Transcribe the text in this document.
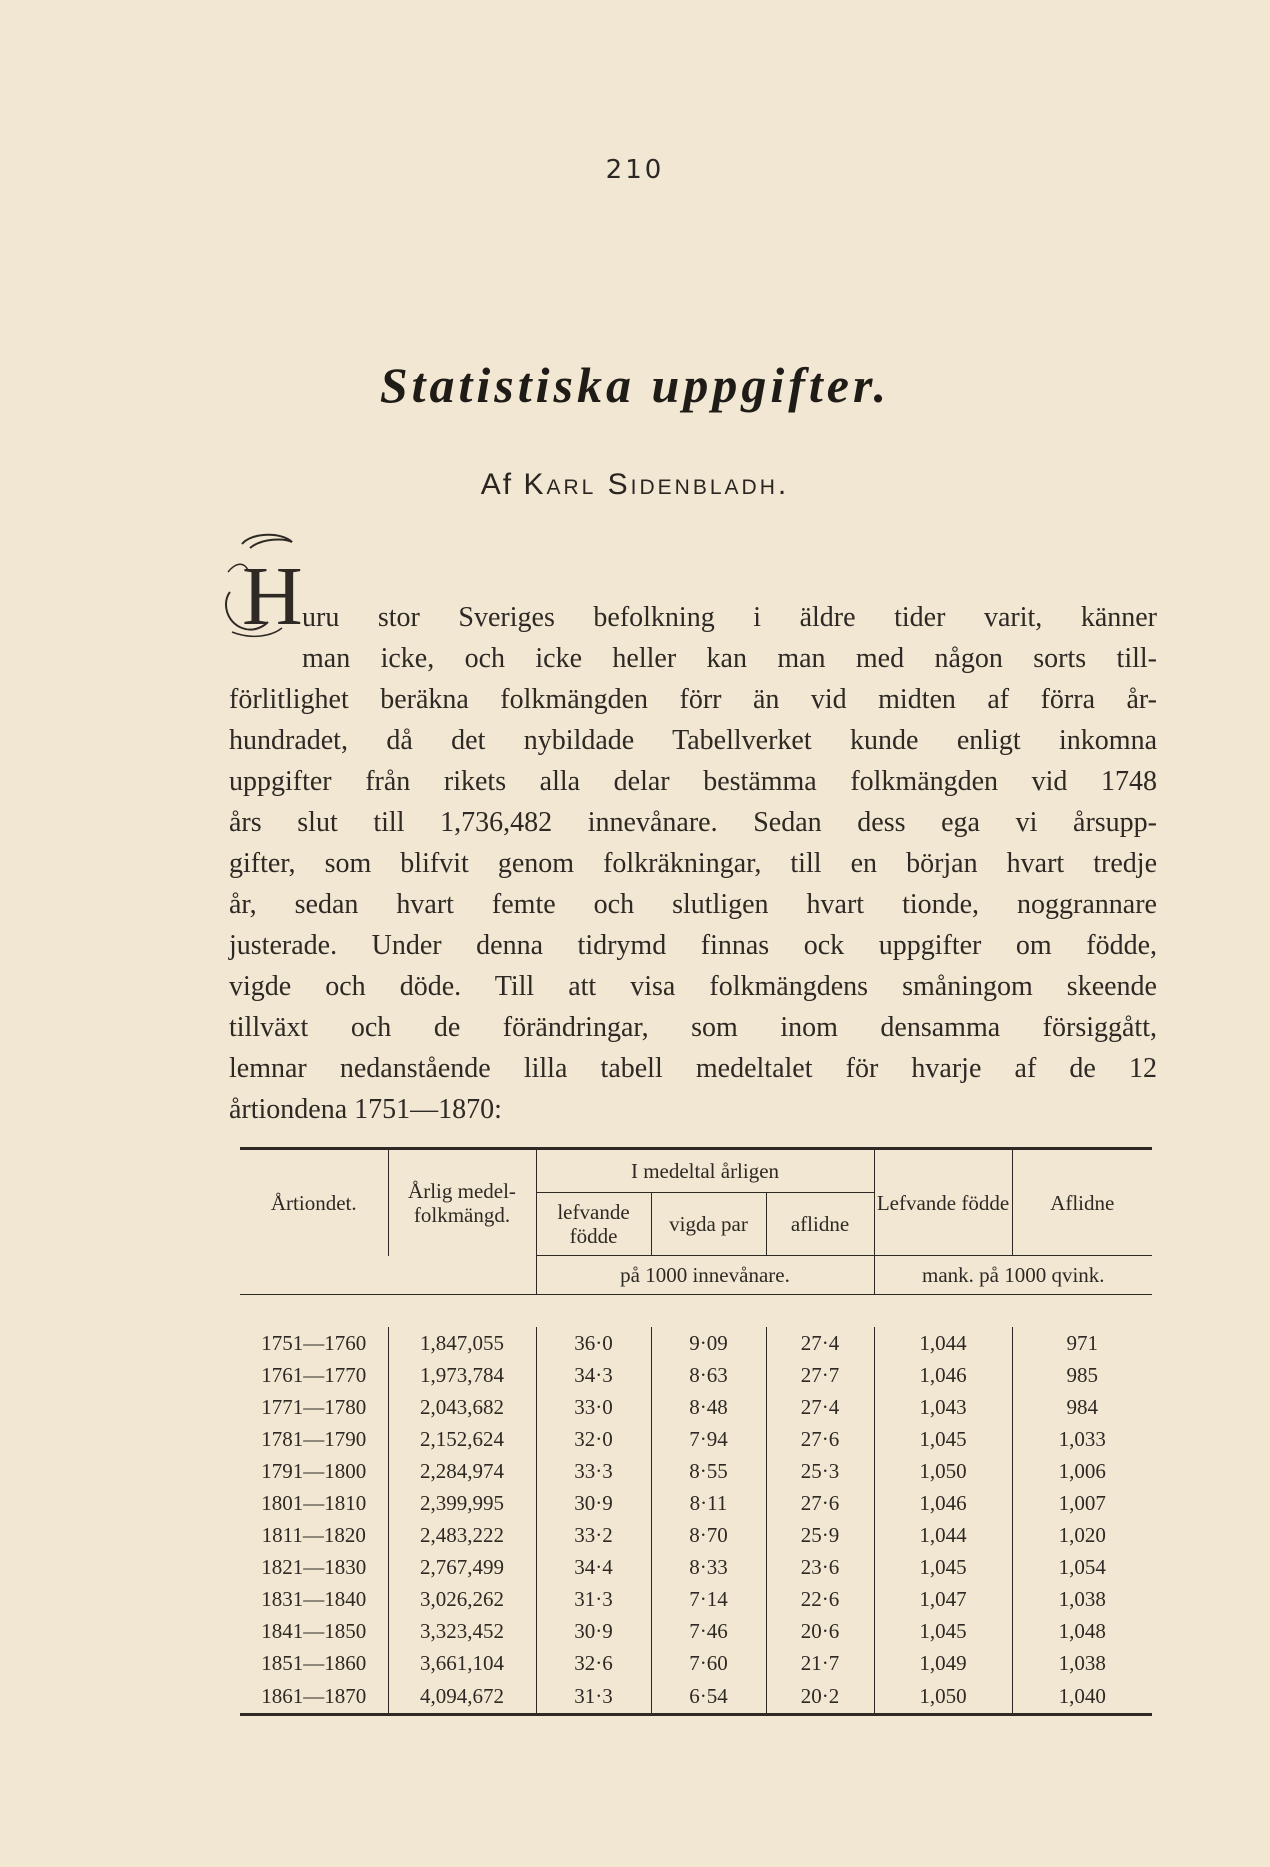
210
Statistiska uppgifter.
Af Karl Sidenbladh.
H uru stor Sveriges befolkning i äldre tider varit, känner
man icke, och icke heller kan man med någon sorts till-
förlitlighet beräkna folkmängden förr än vid midten af förra år-
hundradet, då det nybildade Tabellverket kunde enligt inkomna
uppgifter från rikets alla delar bestämma folkmängden vid 1748
års slut till 1,736,482 innevånare. Sedan dess ega vi årsupp-
gifter, som blifvit genom folkräkningar, till en början hvart tredje
år, sedan hvart femte och slutligen hvart tionde, noggrannare
justerade. Under denna tidrymd finnas ock uppgifter om födde,
vigde och döde. Till att visa folkmängdens småningom skeende
tillväxt och de förändringar, som inom densamma försiggått,
lemnar nedanstående lilla tabell medeltalet för hvarje af de 12
årtiondena 1751—1870:
Årtiondet.	Årlig medel-folkmängd.	I medeltal årligen			Lefvande födde	Aflidne
		lefvande födde	vigda par	aflidne		
		på 1000 innevånare.			mank. på 1000 qvink.	

1751—1760	1,847,055	36·0	9·09	27·4	1,044	971
1761—1770	1,973,784	34·3	8·63	27·7	1,046	985
1771—1780	2,043,682	33·0	8·48	27·4	1,043	984
1781—1790	2,152,624	32·0	7·94	27·6	1,045	1,033
1791—1800	2,284,974	33·3	8·55	25·3	1,050	1,006
1801—1810	2,399,995	30·9	8·11	27·6	1,046	1,007
1811—1820	2,483,222	33·2	8·70	25·9	1,044	1,020
1821—1830	2,767,499	34·4	8·33	23·6	1,045	1,054
1831—1840	3,026,262	31·3	7·14	22·6	1,047	1,038
1841—1850	3,323,452	30·9	7·46	20·6	1,045	1,048
1851—1860	3,661,104	32·6	7·60	21·7	1,049	1,038
1861—1870	4,094,672	31·3	6·54	20·2	1,050	1,040
